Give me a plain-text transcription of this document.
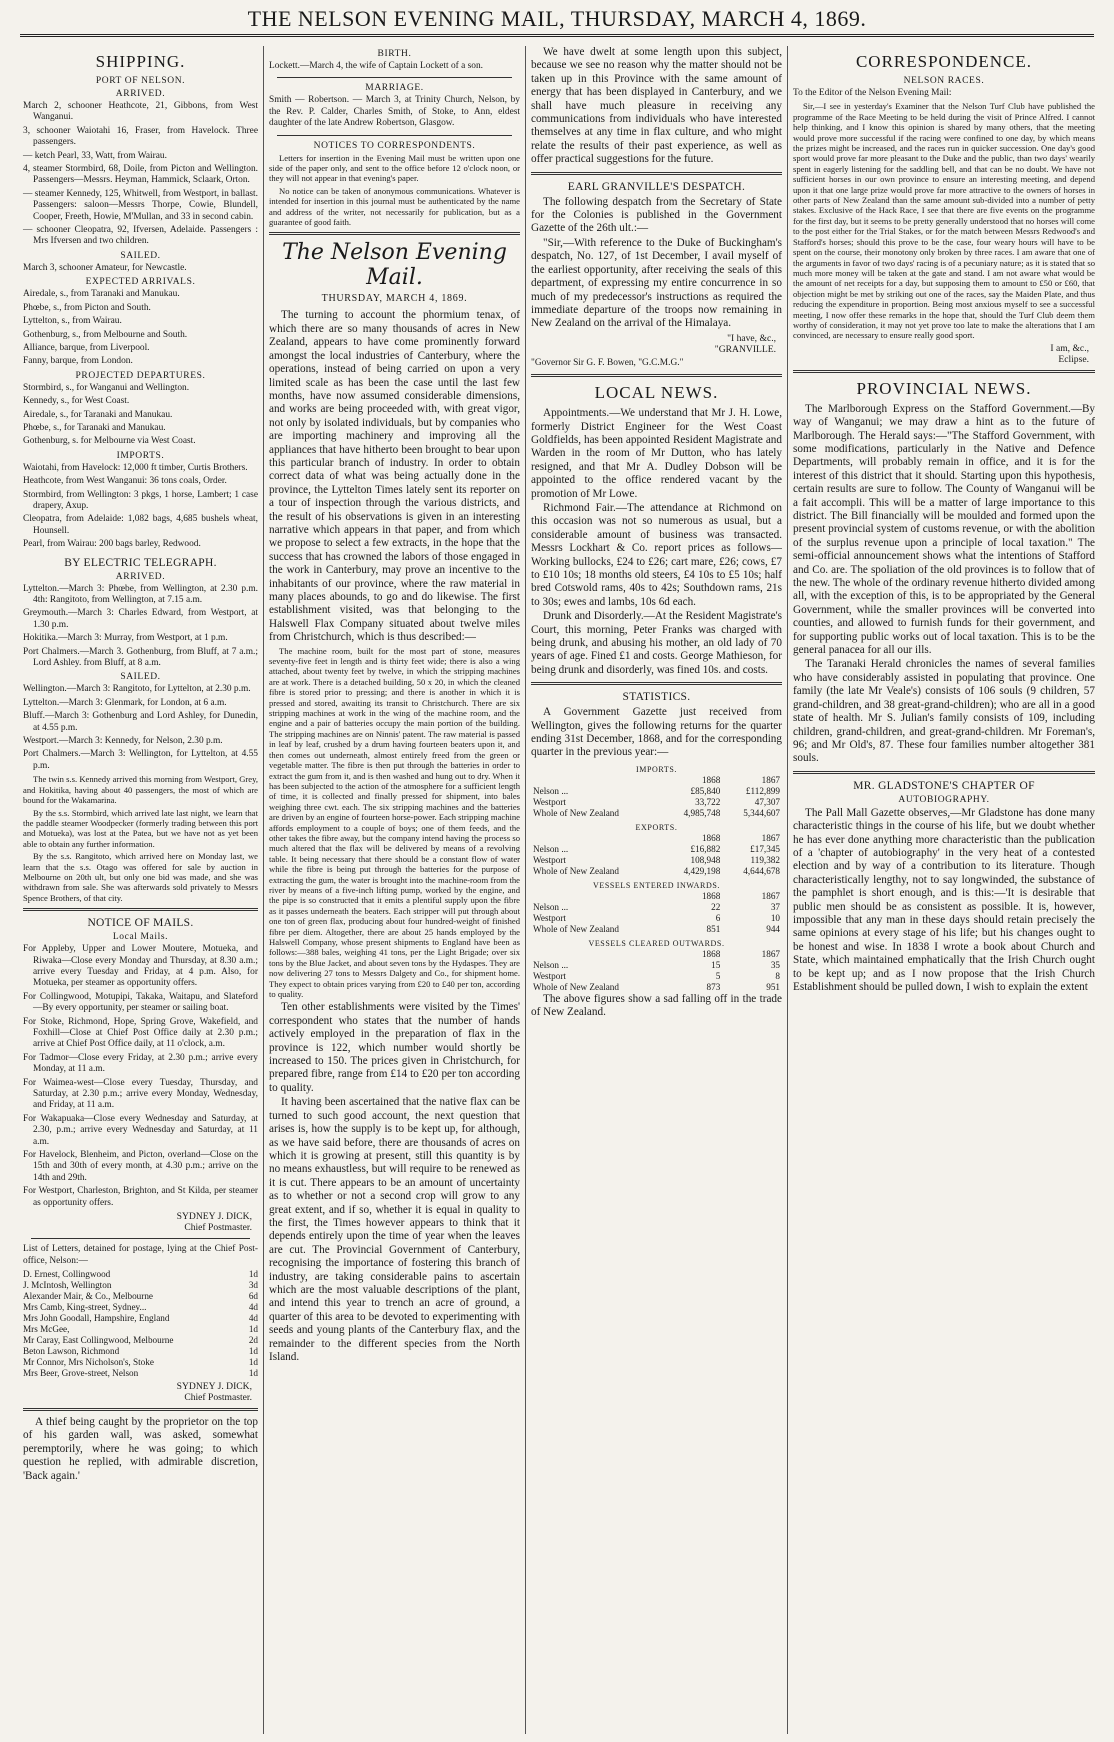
THE NELSON EVENING MAIL, THURSDAY, MARCH 4, 1869.
SHIPPING.
PORT OF NELSON.
ARRIVED.

March 2, schooner Heathcote, 21, Gibbons, from West Wanganui.

3, schooner Waiotahi 16, Fraser, from Havelock. Three passengers.

— ketch Pearl, 33, Watt, from Wairau.

4, steamer Stormbird, 68, Doile, from Picton and Wellington. Passengers—Messrs. Heyman, Hammick, Sclaark, Orton.

— steamer Kennedy, 125, Whitwell, from Westport, in ballast. Passengers: saloon—Messrs Thorpe, Cowie, Blundell, Cooper, Freeth, Howie, M'Mullan, and 33 in second cabin.

— schooner Cleopatra, 92, Ifversen, Adelaide. Passengers : Mrs Ifversen and two children.

SAILED.

March 3, schooner Amateur, for Newcastle.

EXPECTED ARRIVALS.

Airedale, s., from Taranaki and Manukau.

Phœbe, s., from Picton and South.

Lyttelton, s., from Wairau.

Gothenburg, s., from Melbourne and South.

Alliance, barque, from Liverpool.

Fanny, barque, from London.

PROJECTED DEPARTURES.

Stormbird, s., for Wanganui and Wellington.

Kennedy, s., for West Coast.

Airedale, s., for Taranaki and Manukau.

Phœbe, s., for Taranaki and Manukau.

Gothenburg, s. for Melbourne via West Coast.

IMPORTS.

Waiotahi, from Havelock: 12,000 ft timber, Curtis Brothers.

Heathcote, from West Wanganui: 36 tons coals, Order.

Stormbird, from Wellington: 3 pkgs, 1 horse, Lambert; 1 case drapery, Axup.

Cleopatra, from Adelaide: 1,082 bags, 4,685 bushels wheat, Hounsell.

Pearl, from Wairau: 200 bags barley, Redwood.

BY ELECTRIC TELEGRAPH.
ARRIVED.

Lyttelton.—March 3: Phœbe, from Wellington, at 2.30 p.m. 4th: Rangitoto, from Wellington, at 7.15 a.m.

Greymouth.—March 3: Charles Edward, from Westport, at 1.30 p.m.

Hokitika.—March 3: Murray, from Westport, at 1 p.m.

Port Chalmers.—March 3. Gothenburg, from Bluff, at 7 a.m.; Lord Ashley. from Bluff, at 8 a.m.

SAILED.

Wellington.—March 3: Rangitoto, for Lyttelton, at 2.30 p.m.

Lyttelton.—March 3: Glenmark, for London, at 6 a.m.

Bluff.—March 3: Gothenburg and Lord Ashley, for Dunedin, at 4.55 p.m.

Westport.—March 3: Kennedy, for Nelson, 2.30 p.m.

Port Chalmers.—March 3: Wellington, for Lyttelton, at 4.55 p.m.

The twin s.s. Kennedy arrived this morning from Westport, Grey, and Hokitika, having about 40 passengers, the most of which are bound for the Wakamarina.

By the s.s. Stormbird, which arrived late last night, we learn that the paddle steamer Woodpecker (formerly trading between this port and Motueka), was lost at the Patea, but we have not as yet been able to obtain any further information.

By the s.s. Rangitoto, which arrived here on Monday last, we learn that the s.s. Otago was offered for sale by auction in Melbourne on 20th ult, but only one bid was made, and she was withdrawn from sale. She was afterwards sold privately to Messrs Spence Brothers, of that city.

NOTICE OF MAILS.
Local Mails.

For Appleby, Upper and Lower Moutere, Motueka, and Riwaka—Close every Monday and Thursday, at 8.30 a.m.; arrive every Tuesday and Friday, at 4 p.m. Also, for Motueka, per steamer as opportunity offers.

For Collingwood, Motupipi, Takaka, Waitapu, and Slateford—By every opportunity, per steamer or sailing boat.

For Stoke, Richmond, Hope, Spring Grove, Wakefield, and Foxhill—Close at Chief Post Office daily at 2.30 p.m.; arrive at Chief Post Office daily, at 11 o'clock, a.m.

For Tadmor—Close every Friday, at 2.30 p.m.; arrive every Monday, at 11 a.m.

For Waimea-west—Close every Tuesday, Thursday, and Saturday, at 2.30 p.m.; arrive every Monday, Wednesday, and Friday, at 11 a.m.

For Wakapuaka—Close every Wednesday and Saturday, at 2.30, p.m.; arrive every Wednesday and Saturday, at 11 a.m.

For Havelock, Blenheim, and Picton, overland—Close on the 15th and 30th of every month, at 4.30 p.m.; arrive on the 14th and 29th.

For Westport, Charleston, Brighton, and St Kilda, per steamer as opportunity offers.

SYDNEY J. DICK,
Chief Postmaster.

List of Letters, detained for postage, lying at the Chief Post-office, Nelson:—

D. Ernest, Collingwood	1d
J. McIntosh, Wellington	3d
Alexander Mair, & Co., Melbourne	6d
Mrs Camb, King-street, Sydney...	4d
Mrs John Goodall, Hampshire, England	4d
Mrs McGee,	1d
Mr Caray, East Collingwood, Melbourne	2d
Beton Lawson, Richmond	1d
Mr Connor, Mrs Nicholson's, Stoke	1d
Mrs Beer, Grove-street, Nelson	1d
SYDNEY J. DICK,
Chief Postmaster.

A thief being caught by the proprietor on the top of his garden wall, was asked, somewhat peremptorily, where he was going; to which question he replied, with admirable discretion, 'Back again.'

BIRTH.

Lockett.—March 4, the wife of Captain Lockett of a son.

MARRIAGE.

Smith — Robertson. — March 3, at Trinity Church, Nelson, by the Rev. P. Calder, Charles Smith, of Stoke, to Ann, eldest daughter of the late Andrew Robertson, Glasgow.

NOTICES TO CORRESPONDENTS.

Letters for insertion in the Evening Mail must be written upon one side of the paper only, and sent to the office before 12 o'clock noon, or they will not appear in that evening's paper.

No notice can be taken of anonymous communications. Whatever is intended for insertion in this journal must be authenticated by the name and address of the writer, not necessarily for publication, but as a guarantee of good faith.

The Nelson Evening Mail.
THURSDAY, MARCH 4, 1869.

The turning to account the phormium tenax, of which there are so many thousands of acres in New Zealand, appears to have come prominently forward amongst the local industries of Canterbury, where the operations, instead of being carried on upon a very limited scale as has been the case until the last few months, have now assumed considerable dimensions, and works are being proceeded with, with great vigor, not only by isolated individuals, but by companies who are importing machinery and improving all the appliances that have hitherto been brought to bear upon this particular branch of industry. In order to obtain correct data of what was being actually done in the province, the Lyttelton Times lately sent its reporter on a tour of inspection through the various districts, and the result of his observations is given in an interesting narrative which appears in that paper, and from which we propose to select a few extracts, in the hope that the success that has crowned the labors of those engaged in the work in Canterbury, may prove an incentive to the inhabitants of our province, where the raw material in many places abounds, to go and do likewise. The first establishment visited, was that belonging to the Halswell Flax Company situated about twelve miles from Christchurch, which is thus described:—

The machine room, built for the most part of stone, measures seventy-five feet in length and is thirty feet wide; there is also a wing attached, about twenty feet by twelve, in which the stripping machines are at work. There is a detached building, 50 x 20, in which the cleaned fibre is stored prior to pressing; and there is another in which it is pressed and stored, awaiting its transit to Christchurch. There are six stripping machines at work in the wing of the machine room, and the engine and a pair of batteries occupy the main portion of the building. The stripping machines are on Ninnis' patent. The raw material is passed in leaf by leaf, crushed by a drum having fourteen beaters upon it, and then comes out underneath, almost entirely freed from the green or vegetable matter. The fibre is then put through the batteries in order to extract the gum from it, and is then washed and hung out to dry. When it has been subjected to the action of the atmosphere for a sufficient length of time, it is collected and finally pressed for shipment, into bales weighing three cwt. each. The six stripping machines and the batteries are driven by an engine of fourteen horse-power. Each stripping machine affords employment to a couple of boys; one of them feeds, and the other takes the fibre away, but the company intend having the process so much altered that the flax will be delivered by means of a revolving table. It being necessary that there should be a constant flow of water while the fibre is being put through the batteries for the purpose of extracting the gum, the water is brought into the machine-room from the river by means of a five-inch lifting pump, worked by the engine, and the pipe is so constructed that it emits a plentiful supply upon the fibre as it passes underneath the beaters. Each stripper will put through about one ton of green flax, producing about four hundred-weight of finished fibre per diem. Altogether, there are about 25 hands employed by the Halswell Company, whose present shipments to England have been as follows:—388 bales, weighing 41 tons, per the Light Brigade; over six tons by the Blue Jacket, and about seven tons by the Hydaspes. They are now delivering 27 tons to Messrs Dalgety and Co., for shipment home. They expect to obtain prices varying from £20 to £40 per ton, according to quality.

Ten other establishments were visited by the Times' correspondent who states that the number of hands actively employed in the preparation of flax in the province is 122, which number would shortly be increased to 150. The prices given in Christchurch, for prepared fibre, range from £14 to £20 per ton according to quality.

It having been ascertained that the native flax can be turned to such good account, the next question that arises is, how the supply is to be kept up, for although, as we have said before, there are thousands of acres on which it is growing at present, still this quantity is by no means exhaustless, but will require to be renewed as it is cut. There appears to be an amount of uncertainty as to whether or not a second crop will grow to any great extent, and if so, whether it is equal in quality to the first, the Times however appears to think that it depends entirely upon the time of year when the leaves are cut. The Provincial Government of Canterbury, recognising the importance of fostering this branch of industry, are taking considerable pains to ascertain which are the most valuable descriptions of the plant, and intend this year to trench an acre of ground, a quarter of this area to be devoted to experimenting with seeds and young plants of the Canterbury flax, and the remainder to the different species from the North Island.

We have dwelt at some length upon this subject, because we see no reason why the matter should not be taken up in this Province with the same amount of energy that has been displayed in Canterbury, and we shall have much pleasure in receiving any communications from individuals who have interested themselves at any time in flax culture, and who might relate the results of their past experience, as well as offer practical suggestions for the future.

EARL GRANVILLE'S DESPATCH.

The following despatch from the Secretary of State for the Colonies is published in the Government Gazette of the 26th ult.:—

"Sir,—With reference to the Duke of Buckingham's despatch, No. 127, of 1st December, I avail myself of the earliest opportunity, after receiving the seals of this department, of expressing my entire concurrence in so much of my predecessor's instructions as required the immediate departure of the troops now remaining in New Zealand on the arrival of the Himalaya.

"I have, &c.,
"GRANVILLE.

"Governor Sir G. F. Bowen, "G.C.M.G."

LOCAL NEWS.

Appointments.—We understand that Mr J. H. Lowe, formerly District Engineer for the West Coast Goldfields, has been appointed Resident Magistrate and Warden in the room of Mr Dutton, who has lately resigned, and that Mr A. Dudley Dobson will be appointed to the office rendered vacant by the promotion of Mr Lowe.

Richmond Fair.—The attendance at Richmond on this occasion was not so numerous as usual, but a considerable amount of business was transacted. Messrs Lockhart & Co. report prices as follows—Working bullocks, £24 to £26; cart mare, £26; cows, £7 to £10 10s; 18 months old steers, £4 10s to £5 10s; half bred Cotswold rams, 40s to 42s; Southdown rams, 21s to 30s; ewes and lambs, 10s 6d each.

Drunk and Disorderly.—At the Resident Magistrate's Court, this morning, Peter Franks was charged with being drunk, and abusing his mother, an old lady of 70 years of age. Fined £1 and costs. George Mathieson, for being drunk and disorderly, was fined 10s. and costs.

STATISTICS.

A Government Gazette just received from Wellington, gives the following returns for the quarter ending 31st December, 1868, and for the corresponding quarter in the previous year:—

IMPORTS.		
	1868	1867
Nelson ...	£85,840	£112,899
Westport	33,722	47,307
Whole of New Zealand	4,985,748	5,344,607
EXPORTS.		
	1868	1867
Nelson ...	£16,882	£17,345
Westport	108,948	119,382
Whole of New Zealand	4,429,198	4,644,678
VESSELS ENTERED INWARDS.		
	1868	1867
Nelson ...	22	37
Westport	6	10
Whole of New Zealand	851	944
VESSELS CLEARED OUTWARDS.		
	1868	1867
Nelson ...	15	35
Westport	5	8
Whole of New Zealand	873	951

The above figures show a sad falling off in the trade of New Zealand.

CORRESPONDENCE.
NELSON RACES.

To the Editor of the Nelson Evening Mail:

Sir,—I see in yesterday's Examiner that the Nelson Turf Club have published the programme of the Race Meeting to be held during the visit of Prince Alfred. I cannot help thinking, and I know this opinion is shared by many others, that the meeting would prove more successful if the racing were confined to one day, by which means the prizes might be increased, and the races run in quicker succession. One day's good sport would prove far more pleasant to the Duke and the public, than two days' wearily spent in eagerly listening for the saddling bell, and that can be no doubt. We have not sufficient horses in our own province to ensure an interesting meeting, and depend upon it that one large prize would prove far more attractive to the owners of horses in other parts of New Zealand than the same amount sub-divided into a number of petty stakes. Exclusive of the Hack Race, I see that there are five events on the programme for the first day, but it seems to be pretty generally understood that no horses will come to the post either for the Trial Stakes, or for the match between Messrs Redwood's and Stafford's horses; should this prove to be the case, four weary hours will have to be spent on the course, their monotony only broken by three races. I am aware that one of the arguments in favor of two days' racing is of a pecuniary nature; as it is stated that so much more money will be taken at the gate and stand. I am not aware what would be the amount of net receipts for a day, but supposing them to amount to £50 or £60, that objection might be met by striking out one of the races, say the Maiden Plate, and thus reducing the expenditure in proportion. Being most anxious myself to see a successful meeting, I now offer these remarks in the hope that, should the Turf Club deem them worthy of consideration, it may not yet prove too late to make the alterations that I am convinced, are necessary to ensure really good sport.

I am, &c.,
Eclipse.
PROVINCIAL NEWS.

The Marlborough Express on the Stafford Government.—By way of Wanganui; we may draw a hint as to the future of Marlborough. The Herald says:—"The Stafford Government, with some modifications, particularly in the Native and Defence Departments, will probably remain in office, and it is for the interest of this district that it should. Starting upon this hypothesis, certain results are sure to follow. The County of Wanganui will be a fait accompli. This will be a matter of large importance to this district. The Bill financially will be moulded and formed upon the present provincial system of customs revenue, or with the abolition of the surplus revenue upon a principle of local taxation." The semi-official announcement shows what the intentions of Stafford and Co. are. The spoliation of the old provinces is to follow that of the new. The whole of the ordinary revenue hitherto divided among all, with the exception of this, is to be appropriated by the General Government, while the smaller provinces will be converted into counties, and allowed to furnish funds for their government, and for supporting public works out of local taxation. This is to be the general panacea for all our ills.

The Taranaki Herald chronicles the names of several families who have considerably assisted in populating that province. One family (the late Mr Veale's) consists of 106 souls (9 children, 57 grand-children, and 38 great-grand-children); who are all in a good state of health. Mr S. Julian's family consists of 109, including children, grand-children, and great-grand-children. Mr Foreman's, 96; and Mr Old's, 87. These four families number altogether 381 souls.

MR. GLADSTONE'S CHAPTER OF
AUTOBIOGRAPHY.

The Pall Mall Gazette observes,—Mr Gladstone has done many characteristic things in the course of his life, but we doubt whether he has ever done anything more characteristic than the publication of a 'chapter of autobiography' in the very heat of a contested election and by way of a contribution to its literature. Though characteristically lengthy, not to say longwinded, the substance of the pamphlet is short enough, and is this:—'It is desirable that public men should be as consistent as possible. It is, however, impossible that any man in these days should retain precisely the same opinions at every stage of his life; but his changes ought to be honest and wise. In 1838 I wrote a book about Church and State, which maintained emphatically that the Irish Church ought to be kept up; and as I now propose that the Irish Church Establishment should be pulled down, I wish to explain the extent
